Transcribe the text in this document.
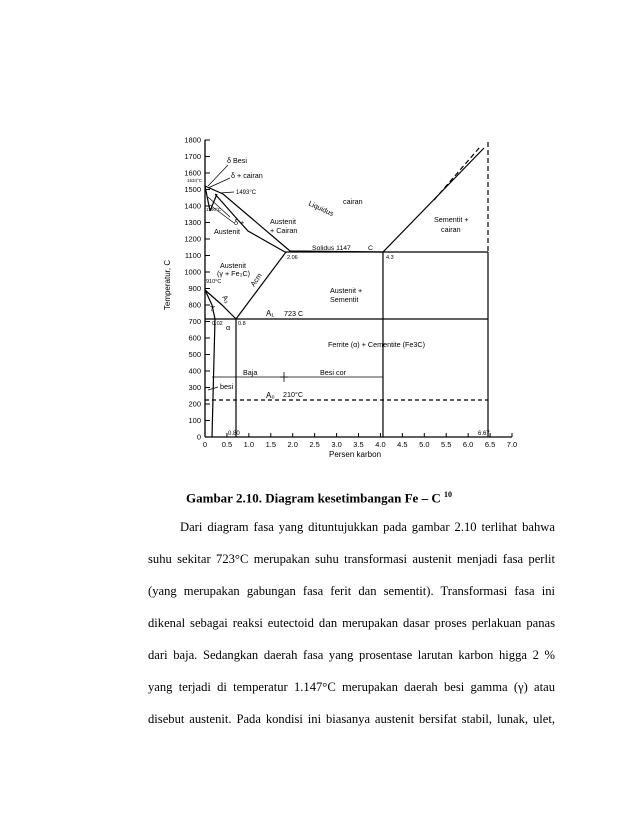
1800
1700
1600
1500
1400
1300
1200
1100
1000
900
800
700
600
500
400
300
200
100
0
0 0.5 1.0 1.5 2.0 2.5 3.0 3.5 4.0 4.5 5.0 5.5 6.0 6.5 7.0
Temperatur, C
Persen karbon
δ Besi
δ + cairan
1534°C
1493°C
1390°C
δ +
Austenit
cairan
Liquidus
Austenit
+ Cairan
Sementit +
cairan
Solidus 1147	C
2.06	4.3
Austenit
(γ + Fe₃C)
910°C
A₃
Acm
Austenit +
Sementit
A₁ 723 C
A₁
0.02	0.8
α
Ferrite (α) + Cementite (Fe3C)
Baja	Besi cor
besi
A₀ 210°C
0.80	6.67
Gambar 2.10. Diagram kesetimbangan Fe – C $^{10}$
Dari diagram fasa yang dituntujukkan pada gambar 2.10 terlihat bahwa
suhu sekitar 723°C merupakan suhu transformasi austenit menjadi fasa perlit
(yang merupakan gabungan fasa ferit dan sementit). Transformasi fasa ini
dikenal sebagai reaksi eutectoid dan merupakan dasar proses perlakuan panas
dari baja. Sedangkan daerah fasa yang prosentase larutan karbon higga 2 %
yang terjadi di temperatur 1.147°C merupakan daerah besi gamma (γ) atau
disebut austenit. Pada kondisi ini biasanya austenit bersifat stabil, lunak, ulet,
